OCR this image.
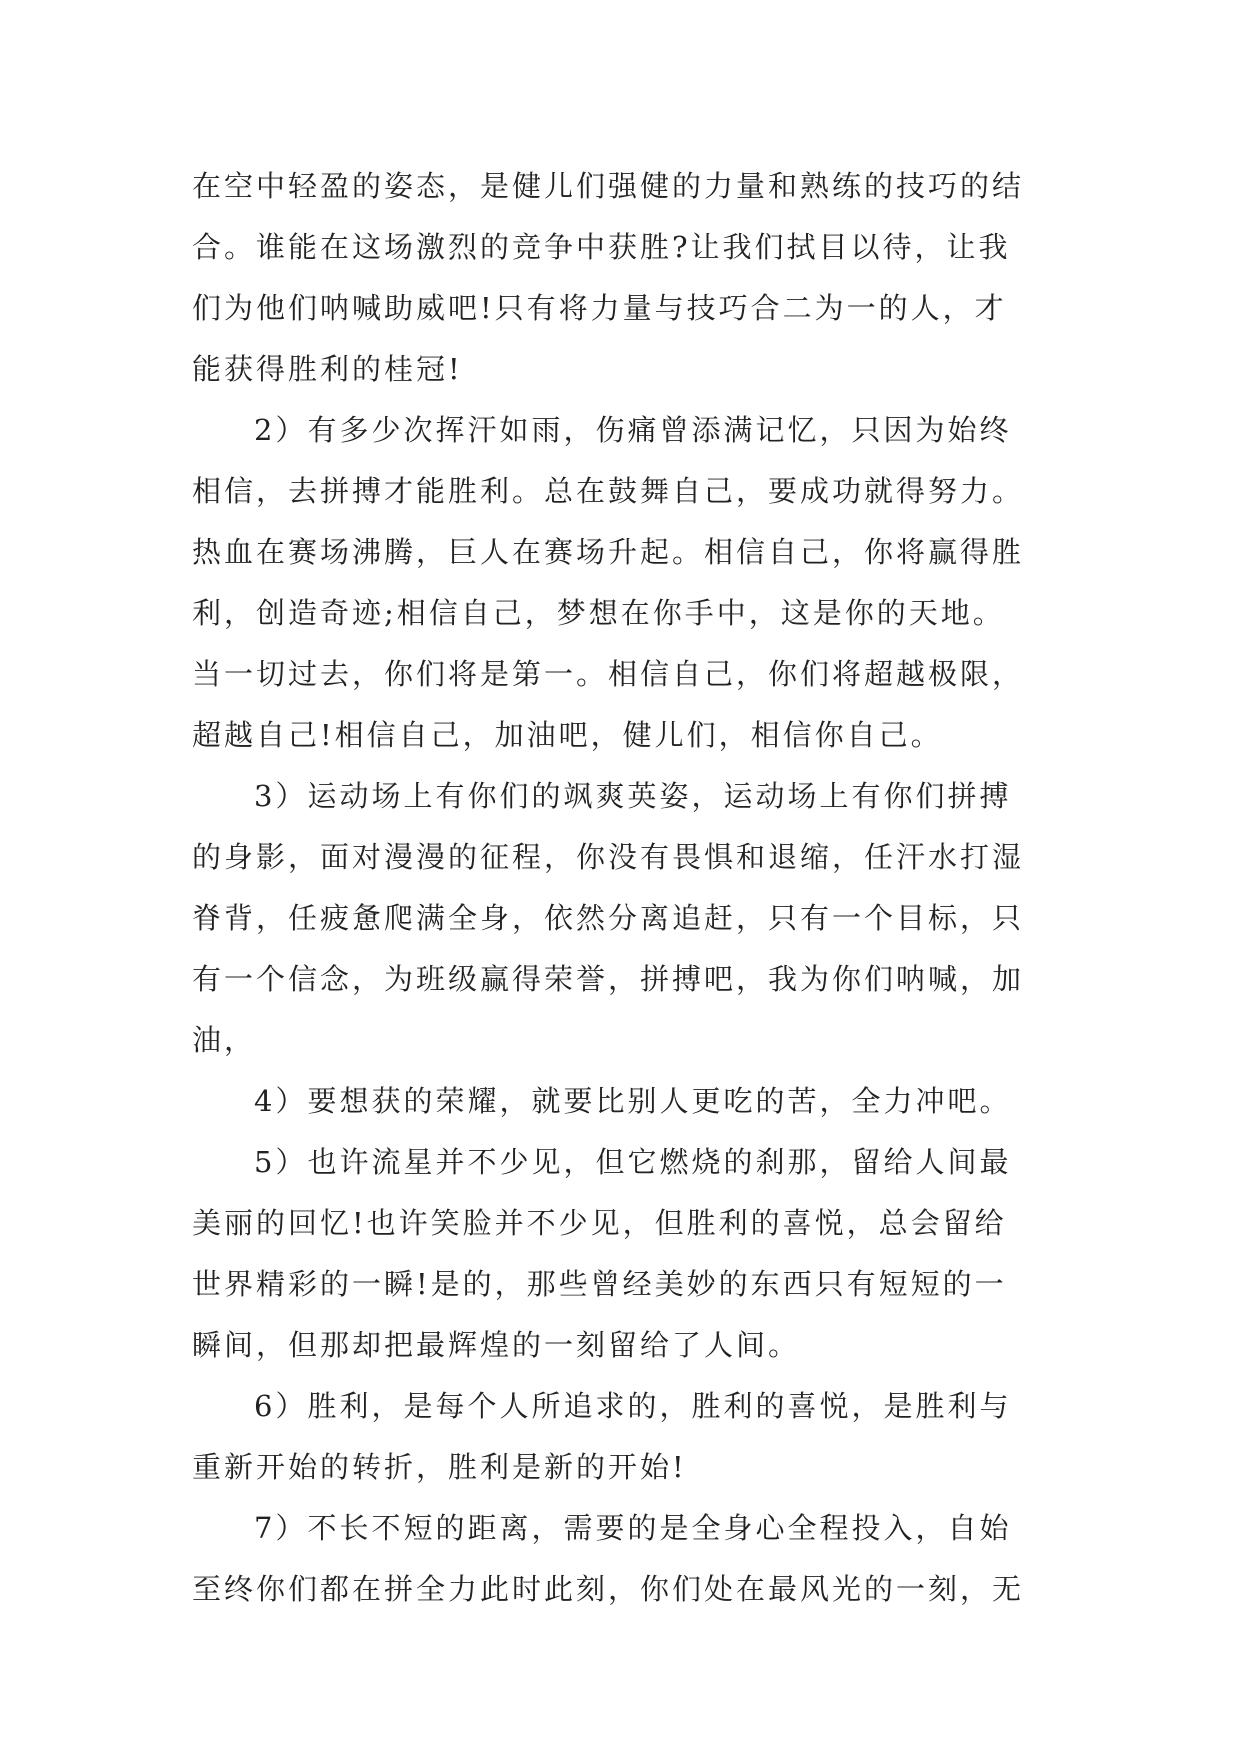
在空中轻盈的姿态，是健儿们强健的力量和熟练的技巧的结
合。谁能在这场激烈的竞争中获胜?让我们拭目以待，让我
们为他们呐喊助威吧!只有将力量与技巧合二为一的人，才
能获得胜利的桂冠!

2）有多少次挥汗如雨，伤痛曾添满记忆，只因为始终
相信，去拼搏才能胜利。总在鼓舞自己，要成功就得努力。
热血在赛场沸腾，巨人在赛场升起。相信自己，你将赢得胜
利，创造奇迹;相信自己，梦想在你手中，这是你的天地。
当一切过去，你们将是第一。相信自己，你们将超越极限，
超越自己!相信自己，加油吧，健儿们，相信你自己。

3）运动场上有你们的飒爽英姿，运动场上有你们拼搏
的身影，面对漫漫的征程，你没有畏惧和退缩，任汗水打湿
脊背，任疲惫爬满全身，依然分离追赶，只有一个目标，只
有一个信念，为班级赢得荣誉，拼搏吧，我为你们呐喊，加
油，

4）要想获的荣耀，就要比别人更吃的苦，全力冲吧。

5）也许流星并不少见，但它燃烧的刹那，留给人间最
美丽的回忆!也许笑脸并不少见，但胜利的喜悦，总会留给
世界精彩的一瞬!是的，那些曾经美妙的东西只有短短的一
瞬间，但那却把最辉煌的一刻留给了人间。

6）胜利，是每个人所追求的，胜利的喜悦，是胜利与
重新开始的转折，胜利是新的开始!

7）不长不短的距离，需要的是全身心全程投入，自始
至终你们都在拼全力此时此刻，你们处在最风光的一刻，无
